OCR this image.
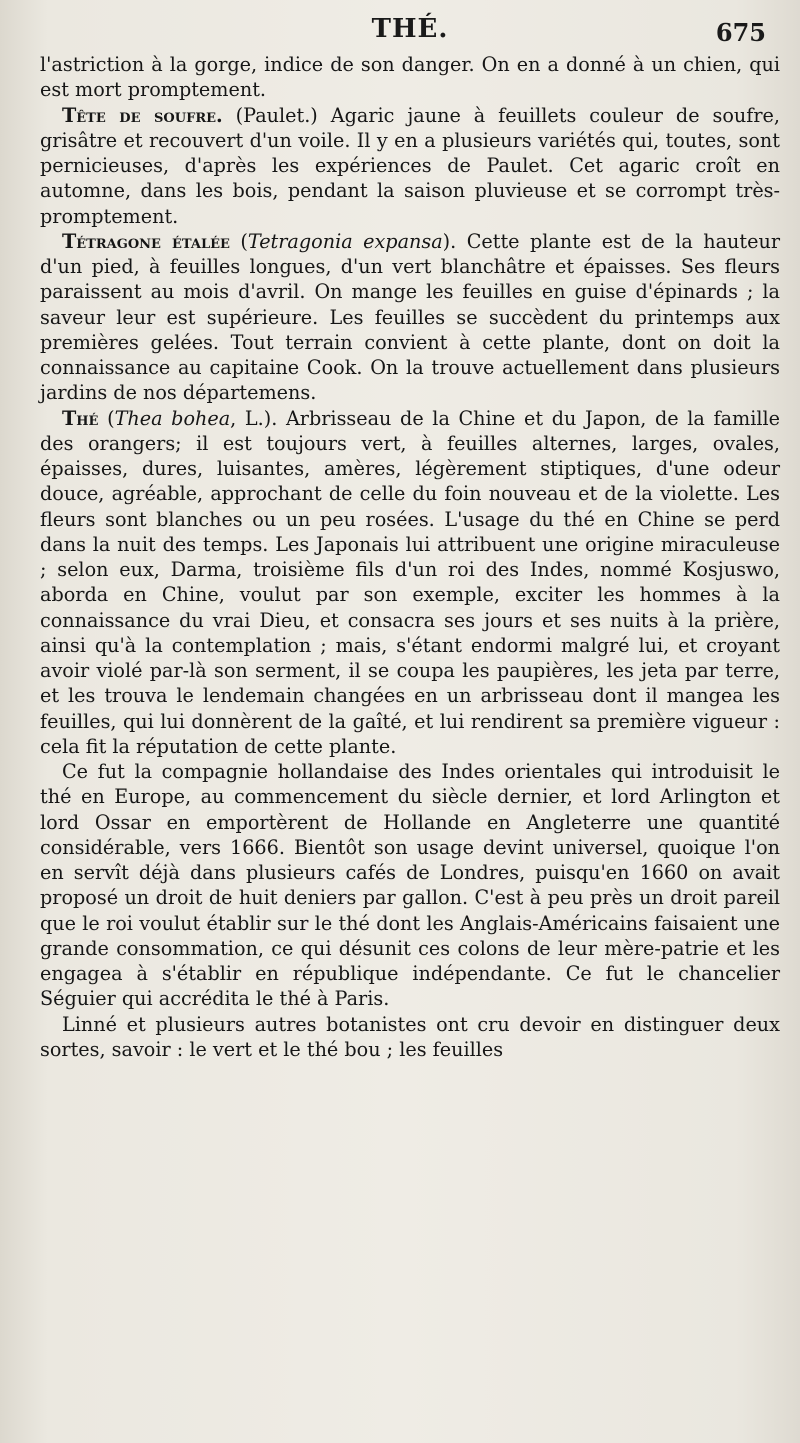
THÉ.	675

l'astriction à la gorge, indice de son danger. On en a donné à un chien, qui est mort promptement.

Tête de soufre. (Paulet.) Agaric jaune à feuillets couleur de soufre, grisâtre et recouvert d'un voile. Il y en a plusieurs variétés qui, toutes, sont pernicieuses, d'après les expériences de Paulet. Cet agaric croît en automne, dans les bois, pendant la saison pluvieuse et se corrompt très-promptement.

Tétragone étalée (Tetragonia expansa). Cette plante est de la hauteur d'un pied, à feuilles longues, d'un vert blanchâtre et épaisses. Ses fleurs paraissent au mois d'avril. On mange les feuilles en guise d'épinards ; la saveur leur est supérieure. Les feuilles se succèdent du printemps aux premières gelées. Tout terrain convient à cette plante, dont on doit la connaissance au capitaine Cook. On la trouve actuellement dans plusieurs jardins de nos départemens.

Thé (Thea bohea, L.). Arbrisseau de la Chine et du Japon, de la famille des orangers; il est toujours vert, à feuilles alternes, larges, ovales, épaisses, dures, luisantes, amères, légèrement stiptiques, d'une odeur douce, agréable, approchant de celle du foin nouveau et de la violette. Les fleurs sont blanches ou un peu rosées. L'usage du thé en Chine se perd dans la nuit des temps. Les Japonais lui attribuent une origine miraculeuse ; selon eux, Darma, troisième fils d'un roi des Indes, nommé Kosjuswo, aborda en Chine, voulut par son exemple, exciter les hommes à la connaissance du vrai Dieu, et consacra ses jours et ses nuits à la prière, ainsi qu'à la contemplation ; mais, s'étant endormi malgré lui, et croyant avoir violé par-là son serment, il se coupa les paupières, les jeta par terre, et les trouva le lendemain changées en un arbrisseau dont il mangea les feuilles, qui lui donnèrent de la gaîté, et lui rendirent sa première vigueur : cela fit la réputation de cette plante.

Ce fut la compagnie hollandaise des Indes orientales qui introduisit le thé en Europe, au commencement du siècle dernier, et lord Arlington et lord Ossar en emportèrent de Hollande en Angleterre une quantité considérable, vers 1666. Bientôt son usage devint universel, quoique l'on en servît déjà dans plusieurs cafés de Londres, puisqu'en 1660 on avait proposé un droit de huit deniers par gallon. C'est à peu près un droit pareil que le roi voulut établir sur le thé dont les Anglais-Américains faisaient une grande consommation, ce qui désunit ces colons de leur mère-patrie et les engagea à s'établir en république indépendante. Ce fut le chancelier Séguier qui accrédita le thé à Paris.

Linné et plusieurs autres botanistes ont cru devoir en distinguer deux sortes, savoir : le vert et le thé bou ; les feuilles
